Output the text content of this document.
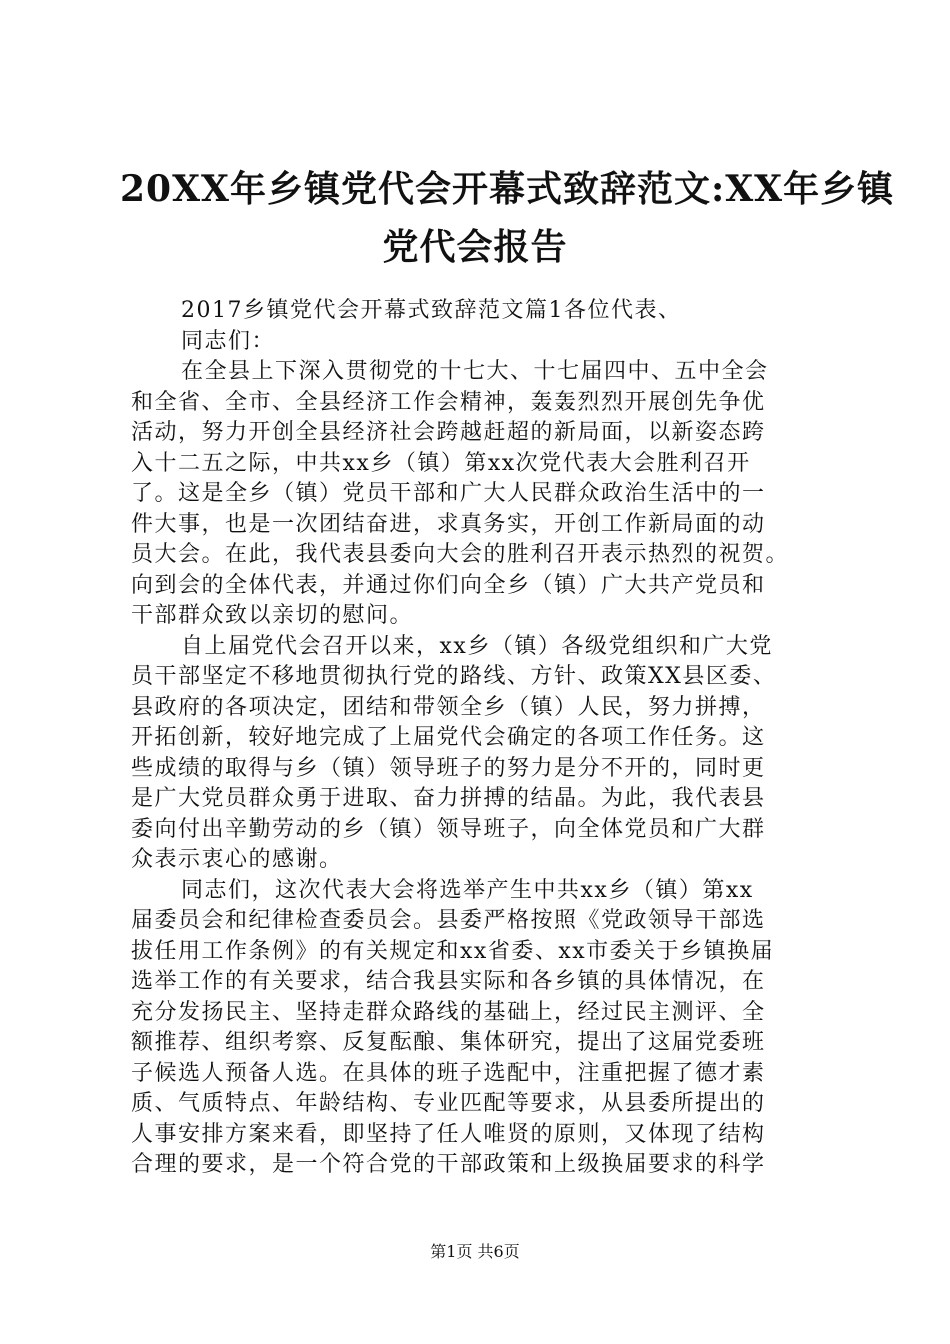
20XX年乡镇党代会开幕式致辞范文:XX年乡镇
党代会报告
2017乡镇党代会开幕式致辞范文篇1各位代表、
同志们：
在全县上下深入贯彻党的十七大、十七届四中、五中全会
和全省、全市、全县经济工作会精神，轰轰烈烈开展创先争优
活动，努力开创全县经济社会跨越赶超的新局面，以新姿态跨
入十二五之际，中共xx乡（镇）第xx次党代表大会胜利召开
了。这是全乡（镇）党员干部和广大人民群众政治生活中的一
件大事，也是一次团结奋进，求真务实，开创工作新局面的动
员大会。在此，我代表县委向大会的胜利召开表示热烈的祝贺。
向到会的全体代表，并通过你们向全乡（镇）广大共产党员和
干部群众致以亲切的慰问。
自上届党代会召开以来，xx乡（镇）各级党组织和广大党
员干部坚定不移地贯彻执行党的路线、方针、政策XX县区委、
县政府的各项决定，团结和带领全乡（镇）人民，努力拼搏，
开拓创新，较好地完成了上届党代会确定的各项工作任务。这
些成绩的取得与乡（镇）领导班子的努力是分不开的，同时更
是广大党员群众勇于进取、奋力拼搏的结晶。为此，我代表县
委向付出辛勤劳动的乡（镇）领导班子，向全体党员和广大群
众表示衷心的感谢。
同志们，这次代表大会将选举产生中共xx乡（镇）第xx
届委员会和纪律检查委员会。县委严格按照《党政领导干部选
拔任用工作条例》的有关规定和xx省委、xx市委关于乡镇换届
选举工作的有关要求，结合我县实际和各乡镇的具体情况，在
充分发扬民主、坚持走群众路线的基础上，经过民主测评、全
额推荐、组织考察、反复酝酿、集体研究，提出了这届党委班
子候选人预备人选。在具体的班子选配中，注重把握了德才素
质、气质特点、年龄结构、专业匹配等要求，从县委所提出的
人事安排方案来看，即坚持了任人唯贤的原则，又体现了结构
合理的要求，是一个符合党的干部政策和上级换届要求的科学
第1页 共6页
